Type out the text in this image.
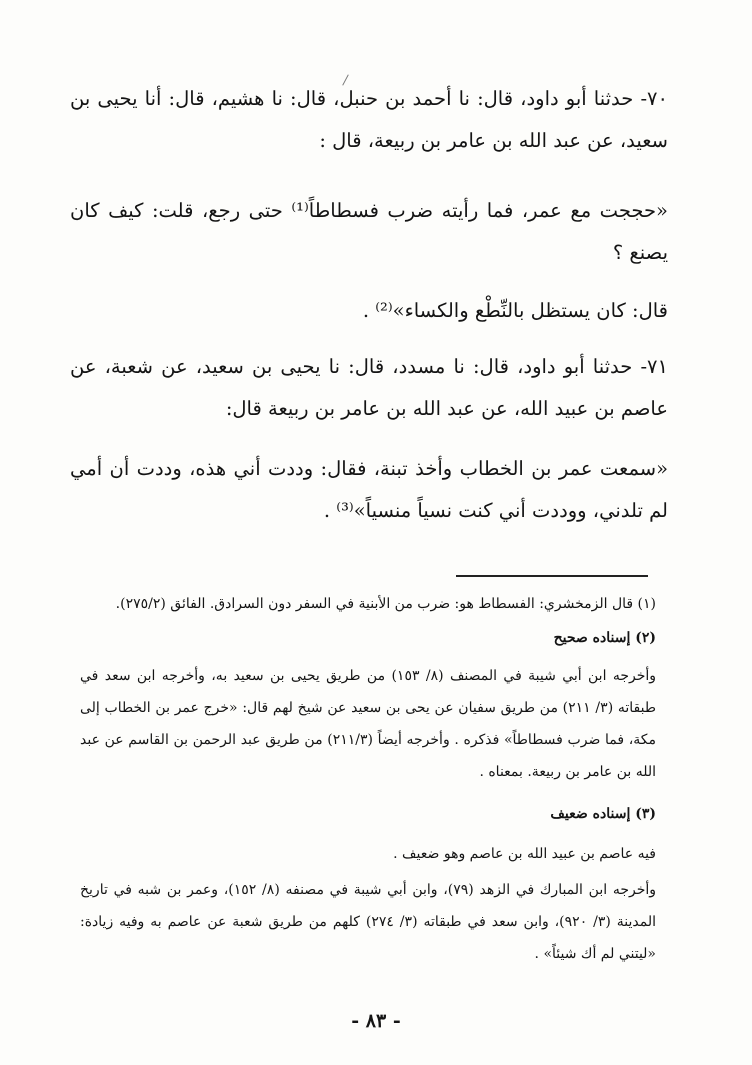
٧٠- حدثنا أبو داود، قال: نا أحمد بن حنبل، قال: نا هشيم، قال: أنا يحيى بن سعيد، عن عبد الله بن عامر بن ربيعة، قال :

«حججت مع عمر، فما رأيته ضرب فسطاطاً⁽¹⁾ حتى رجع، قلت: كيف كان يصنع ؟

قال: كان يستظل بالنِّطْع والكساء»⁽²⁾ .

٧١- حدثنا أبو داود، قال: نا مسدد، قال: نا يحيى بن سعيد، عن شعبة، عن عاصم بن عبيد الله، عن عبد الله بن عامر بن ربيعة قال:

«سمعت عمر بن الخطاب وأخذ تبنة، فقال: وددت أني هذه، وددت أن أمي لم تلدني، ووددت أني كنت نسياً منسياً»⁽³⁾ .

(١) قال الزمخشري: الفسطاط هو: ضرب من الأبنية في السفر دون السرادق. الفائق (٢٧٥/٢).

(٢) إسناده صحيح

وأخرجه ابن أبي شيبة في المصنف (٨/ ١٥٣) من طريق يحيى بن سعيد به، وأخرجه ابن سعد في طبقاته (٣/ ٢١١) من طريق سفيان عن يحى بن سعيد عن شيخ لهم قال: «خرج عمر بن الخطاب إلى مكة، فما ضرب فسطاطاً» فذكره . وأخرجه أيضاً (٢١١/٣) من طريق عبد الرحمن بن القاسم عن عبد الله بن عامر بن ربيعة. بمعناه .

(٣) إسناده ضعيف

فيه عاصم بن عبيد الله بن عاصم وهو ضعيف .

وأخرجه ابن المبارك في الزهد (٧٩)، وابن أبي شيبة في مصنفه (٨/ ١٥٢)، وعمر بن شبه في تاريخ المدينة (٣/ ٩٢٠)، وابن سعد في طبقاته (٣/ ٢٧٤) كلهم من طريق شعبة عن عاصم به وفيه زيادة: «ليتني لم أك شيئاً» .

- ٨٣ -
